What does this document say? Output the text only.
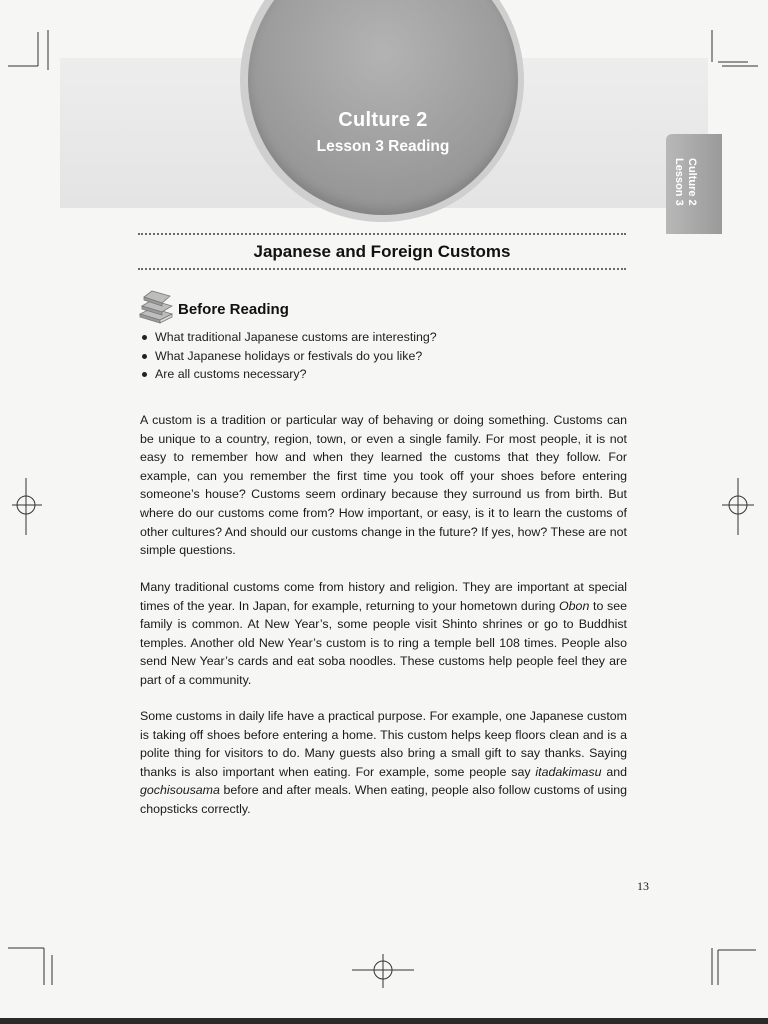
Culture 2
Lesson 3 Reading
Culture 2
Lesson 3
Japanese and Foreign Customs
Before Reading
What traditional Japanese customs are interesting?
What Japanese holidays or festivals do you like?
Are all customs necessary?

A custom is a tradition or particular way of behaving or doing something. Customs can be unique to a country, region, town, or even a single family. For most people, it is not easy to remember how and when they learned the customs that they follow. For example, can you remember the first time you took off your shoes before entering someone’s house? Customs seem ordinary because they surround us from birth. But where do our customs come from? How important, or easy, is it to learn the customs of other cultures? And should our customs change in the future? If yes, how? These are not simple questions.

Many traditional customs come from history and religion. They are important at special times of the year. In Japan, for example, returning to your hometown during Obon to see family is common. At New Year’s, some people visit Shinto shrines or go to Buddhist temples. Another old New Year’s custom is to ring a temple bell 108 times. People also send New Year’s cards and eat soba noodles. These customs help people feel they are part of a community.

Some customs in daily life have a practical purpose. For example, one Japanese custom is taking off shoes before entering a home. This custom helps keep floors clean and is a polite thing for visitors to do. Many guests also bring a small gift to say thanks. Saying thanks is also important when eating. For example, some people say itadakimasu and gochisousama before and after meals. When eating, people also follow customs of using chopsticks correctly.

13
